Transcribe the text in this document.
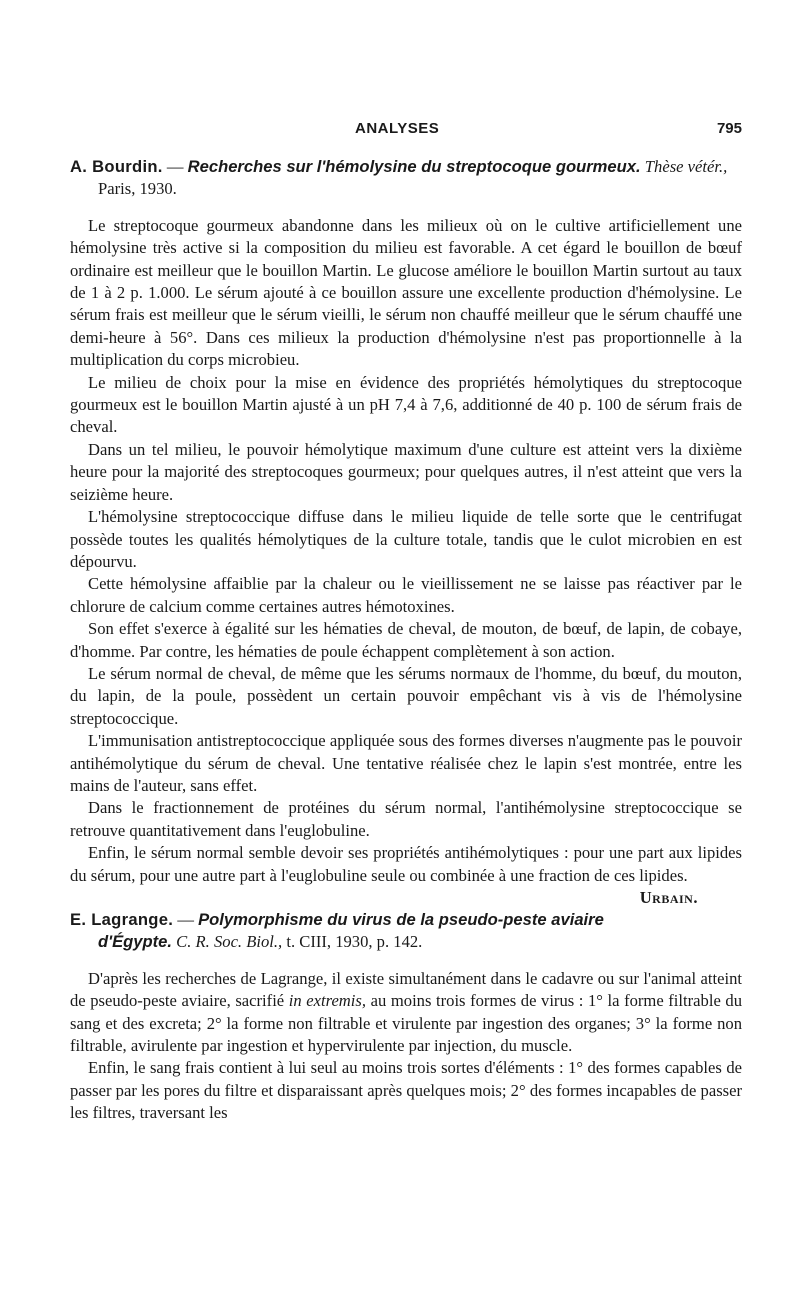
ANALYSES	795

A. Bourdin. — Recherches sur l'hémolysine du streptocoque gourmeux. Thèse vétér., Paris, 1930.

Le streptocoque gourmeux abandonne dans les milieux où on le cultive artificiellement une hémolysine très active si la composition du milieu est favorable. A cet égard le bouillon de bœuf ordinaire est meilleur que le bouillon Martin. Le glucose améliore le bouillon Martin surtout au taux de 1 à 2 p. 1.000. Le sérum ajouté à ce bouillon assure une excellente production d'hémolysine. Le sérum frais est meilleur que le sérum vieilli, le sérum non chauffé meilleur que le sérum chauffé une demi-heure à 56°. Dans ces milieux la production d'hémolysine n'est pas proportionnelle à la multiplication du corps microbieu.

Le milieu de choix pour la mise en évidence des propriétés hémolytiques du streptocoque gourmeux est le bouillon Martin ajusté à un pH 7,4 à 7,6, additionné de 40 p. 100 de sérum frais de cheval.

Dans un tel milieu, le pouvoir hémolytique maximum d'une culture est atteint vers la dixième heure pour la majorité des streptocoques gourmeux; pour quelques autres, il n'est atteint que vers la seizième heure.

L'hémolysine streptococcique diffuse dans le milieu liquide de telle sorte que le centrifugat possède toutes les qualités hémolytiques de la culture totale, tandis que le culot microbien en est dépourvu.

Cette hémolysine affaiblie par la chaleur ou le vieillissement ne se laisse pas réactiver par le chlorure de calcium comme certaines autres hémotoxines.

Son effet s'exerce à égalité sur les hématies de cheval, de mouton, de bœuf, de lapin, de cobaye, d'homme. Par contre, les hématies de poule échappent complètement à son action.

Le sérum normal de cheval, de même que les sérums normaux de l'homme, du bœuf, du mouton, du lapin, de la poule, possèdent un certain pouvoir empêchant vis à vis de l'hémolysine streptococcique.

L'immunisation antistreptococcique appliquée sous des formes diverses n'augmente pas le pouvoir antihémolytique du sérum de cheval. Une tentative réalisée chez le lapin s'est montrée, entre les mains de l'auteur, sans effet.

Dans le fractionnement de protéines du sérum normal, l'antihémolysine streptococcique se retrouve quantitativement dans l'euglobuline.

Enfin, le sérum normal semble devoir ses propriétés antihémolytiques : pour une part aux lipides du sérum, pour une autre part à l'euglobuline seule ou combinée à une fraction de ces lipides.
Urbain.

E. Lagrange. — Polymorphisme du virus de la pseudo-peste aviaire d'Égypte. C. R. Soc. Biol., t. CIII, 1930, p. 142.

D'après les recherches de Lagrange, il existe simultanément dans le cadavre ou sur l'animal atteint de pseudo-peste aviaire, sacrifié in extremis, au moins trois formes de virus : 1° la forme filtrable du sang et des excreta; 2° la forme non filtrable et virulente par ingestion des organes; 3° la forme non filtrable, avirulente par ingestion et hypervirulente par injection, du muscle.

Enfin, le sang frais contient à lui seul au moins trois sortes d'éléments : 1° des formes capables de passer par les pores du filtre et disparaissant après quelques mois; 2° des formes incapables de passer les filtres, traversant les
